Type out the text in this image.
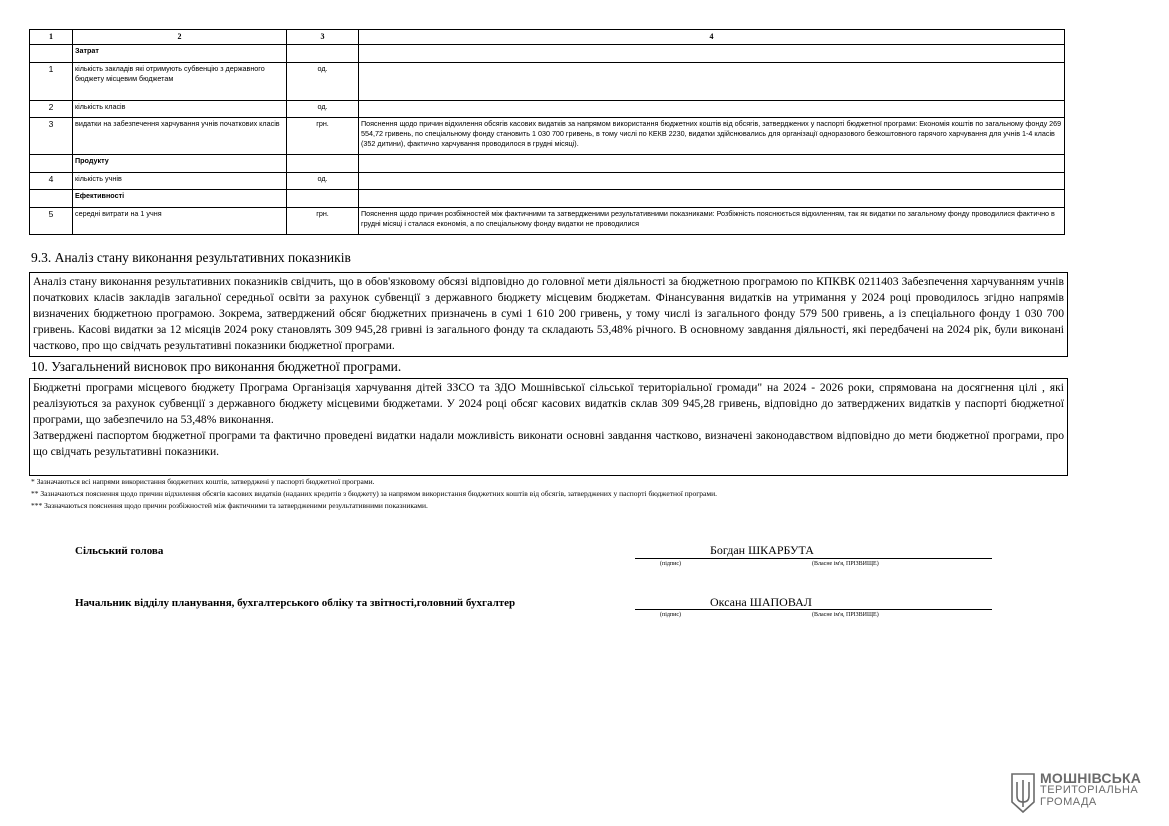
1	2	3	4
	Затрат		
1	кількість закладів які отримують субвенцію з державного бюджету місцевим бюджетам	од.	
2	кількість класів	од.	
3	видатки на забезпечення харчування учнів початкових класів	грн.	Пояснення щодо причин відхилення обсягів касових видатків за напрямом використання бюджетних коштів від обсягів, затверджених у паспорті бюджетної програми: Економія коштів по загальному фонду 269 554,72 гривень, по спеціальному фонду становить 1 030 700 гривень, в тому числі по КЕКВ 2230, видатки здійснювались для організації одноразового безкоштовного гарячого харчування для учнів 1-4 класів (352 дитини), фактично харчування проводилося в грудні місяці).
	Продукту		
4	кількість учнів	од.	
	Ефективності		
5	середні витрати на 1 учня	грн.	Пояснення щодо причин розбіжностей між фактичними та затвердженими результативними показниками: Розбіжність пояснюється відхиленням, так як видатки по загальному фонду проводилися фактично в грудні місяці і сталася економія, а по спеціальному фонду видатки не проводилися
9.3. Аналіз стану виконання результативних показників

Аналіз стану виконання результативних показників свідчить, що в обов'язковому обсязі відповідно до головної мети діяльності за бюджетною програмою по КПКВК 0211403 Забезпечення харчуванням учнів початкових класів закладів загальної середньої освіти за рахунок субвенції з державного бюджету місцевим бюджетам. Фінансування видатків на утримання у 2024 році проводилось згідно напрямів визначених бюджетною програмою. Зокрема, затверджений обсяг бюджетних призначень в сумі 1 610 200 гривень, у тому числі із загального фонду 579 500 гривень, а із спеціального фонду 1 030 700 гривень. Касові видатки за 12 місяців 2024 року становлять 309 945,28 гривні із загального фонду та складають 53,48% річного. В основному завдання діяльності, які передбачені на 2024 рік, були виконані частково, про що свідчать результативні показники бюджетної програми.

10. Узагальнений висновок про виконання бюджетної програми.

Бюджетні програми місцевого бюджету Програма Організація харчування дітей ЗЗСО та ЗДО Мошнівської сільської територіальної громади" на 2024 - 2026 роки, спрямована на досягнення цілі , які реалізуються за рахунок субвенції з державного бюджету місцевими бюджетами. У 2024 році обсяг касових видатків склав 309 945,28 гривень, відповідно до затверджених видатків у паспорті бюджетної програми, що забезпечило на 53,48% виконання.

Затверджені паспортом бюджетної програми та фактично проведені видатки надали можливість виконати основні завдання частково, визначені законодавством відповідно до мети бюджетної програми, про що свідчать результативні показники.

* Зазначаються всі напрями використання бюджетних коштів, затверджені у паспорті бюджетної програми.
** Зазначаються пояснення щодо причин відхилення обсягів касових видатків (наданих кредитів з бюджету) за напрямом використання бюджетних коштів від обсягів, затверджених у паспорті бюджетної програми.
*** Зазначаються пояснення щодо причин розбіжностей між фактичними та затвердженими результативними показниками.
Сільський голова	Богдан ШКАРБУТА
(підпис)	(Власне ім'я, ПРІЗВИЩЕ)
Начальник відділу планування, бухгалтерського обліку та звітності,головний бухгалтер	Оксана ШАПОВАЛ
(підпис)	(Власне ім'я, ПРІЗВИЩЕ)
МОШНІВСЬКА
ТЕРИТОРІАЛЬНА
ГРОМАДА
